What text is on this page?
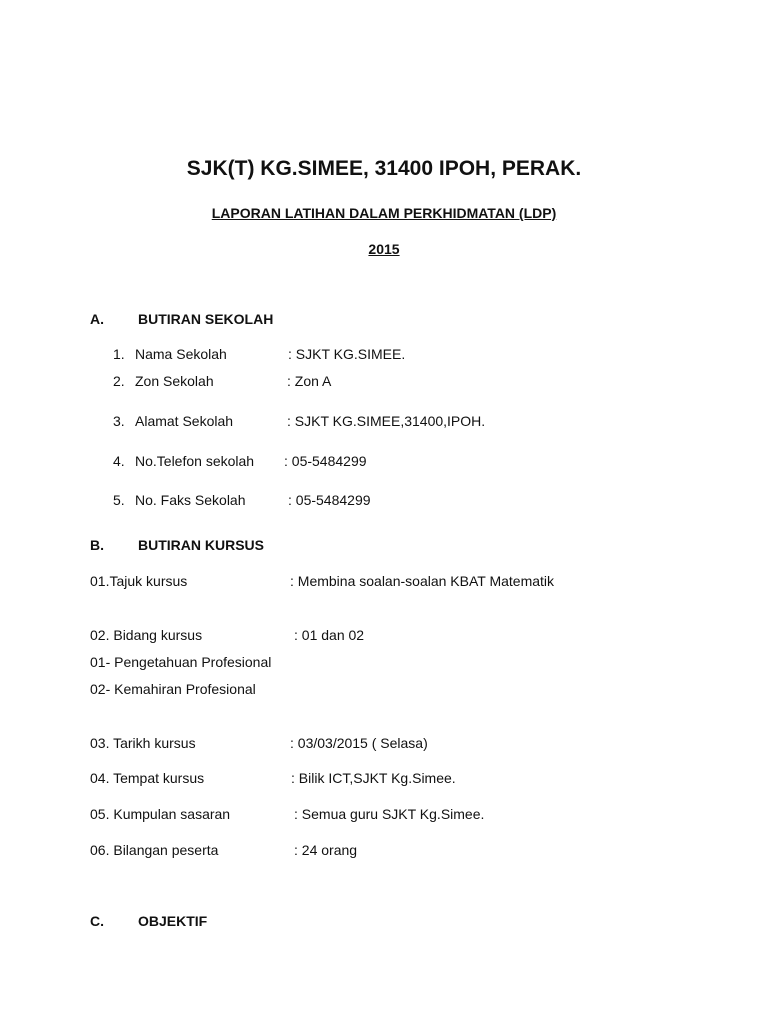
SJK(T) KG.SIMEE, 31400 IPOH, PERAK.
LAPORAN LATIHAN DALAM PERKHIDMATAN (LDP)
2015
A. BUTIRAN SEKOLAH
1. Nama Sekolah	: SJKT KG.SIMEE.
2. Zon Sekolah	: Zon A
3. Alamat Sekolah	: SJKT KG.SIMEE,31400,IPOH.
4. No.Telefon sekolah : 05-5484299
5. No. Faks Sekolah	: 05-5484299
B. BUTIRAN KURSUS
01.Tajuk kursus	: Membina soalan-soalan KBAT Matematik
02. Bidang kursus	: 01 dan 02
01- Pengetahuan Profesional
02- Kemahiran Profesional
03. Tarikh kursus	: 03/03/2015 ( Selasa)
04. Tempat kursus	: Bilik ICT,SJKT Kg.Simee.
05. Kumpulan sasaran	: Semua guru SJKT Kg.Simee.
06. Bilangan peserta	: 24 orang
C. OBJEKTIF
